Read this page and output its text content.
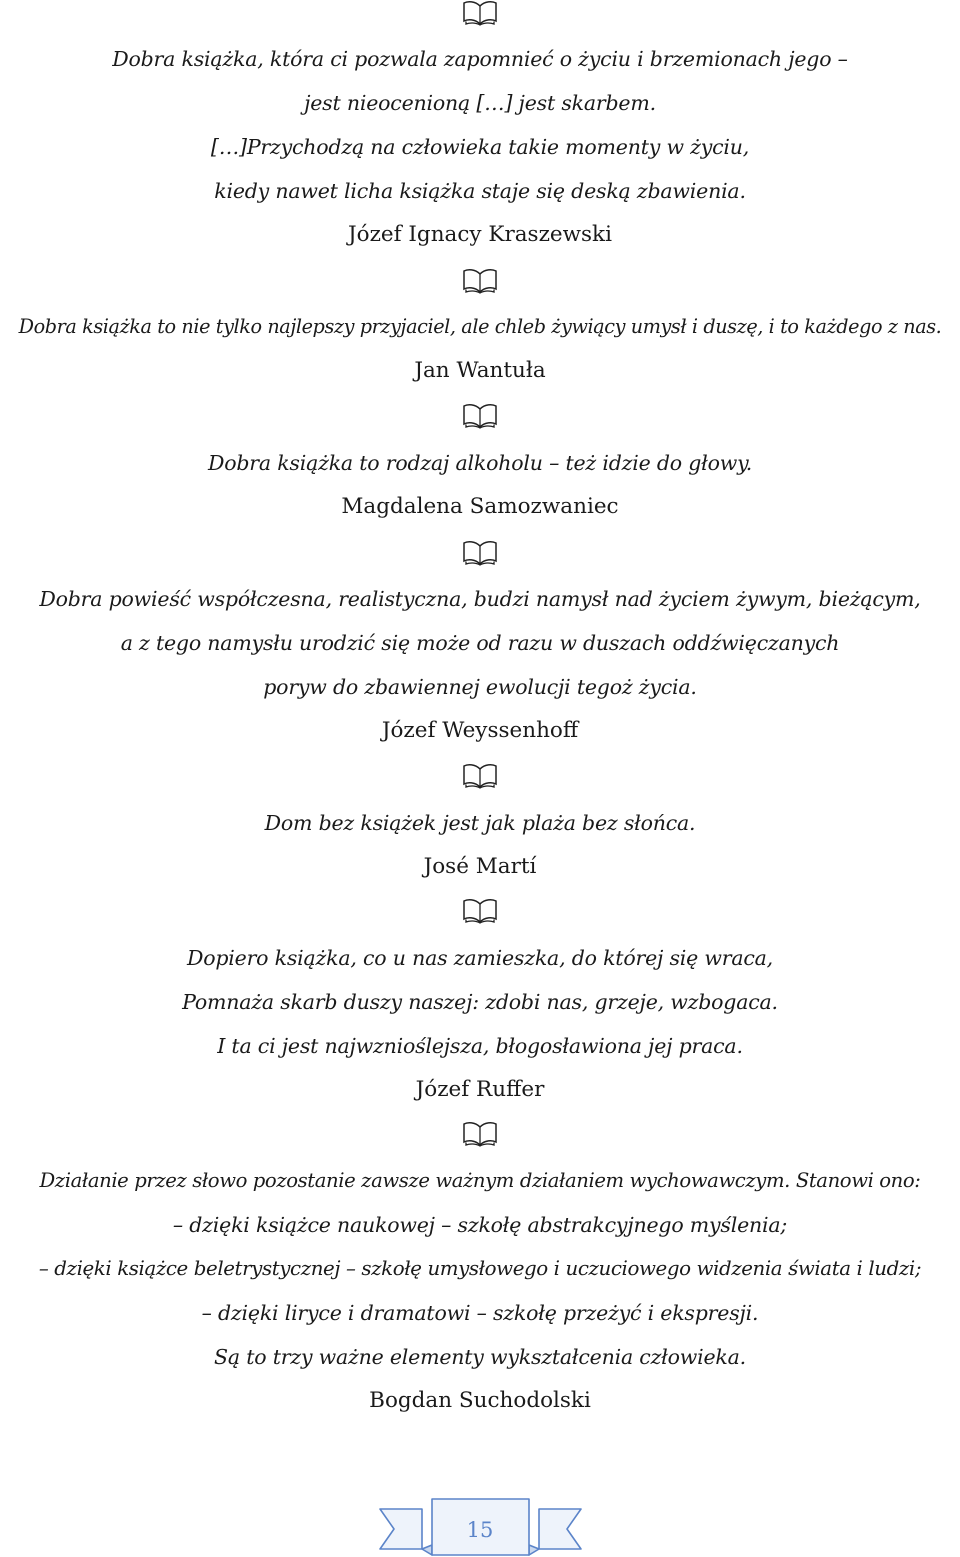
Dobra książka, która ci pozwala zapomnieć o życiu i brzemionach jego –
jest nieocenioną […] jest skarbem.
[…]Przychodzą na człowieka takie momenty w życiu,
kiedy nawet licha książka staje się deską zbawienia.
Józef Ignacy Kraszewski
Dobra książka to nie tylko najlepszy przyjaciel, ale chleb żywiący umysł i duszę, i to każdego z nas.
Jan Wantuła
Dobra książka to rodzaj alkoholu – też idzie do głowy.
Magdalena Samozwaniec
Dobra powieść współczesna, realistyczna, budzi namysł nad życiem żywym, bieżącym,
a z tego namysłu urodzić się może od razu w duszach oddźwięczanych
poryw do zbawiennej ewolucji tegoż życia.
Józef Weyssenhoff
Dom bez książek jest jak plaża bez słońca.
José Martí
Dopiero książka, co u nas zamieszka, do której się wraca,
Pomnaża skarb duszy naszej: zdobi nas, grzeje, wzbogaca.
I ta ci jest najwznioślejsza, błogosławiona jej praca.
Józef Ruffer
Działanie przez słowo pozostanie zawsze ważnym działaniem wychowawczym. Stanowi ono:
– dzięki książce naukowej – szkołę abstrakcyjnego myślenia;
– dzięki książce beletrystycznej – szkołę umysłowego i uczuciowego widzenia świata i ludzi;
– dzięki liryce i dramatowi – szkołę przeżyć i ekspresji.
Są to trzy ważne elementy wykształcenia człowieka.
Bogdan Suchodolski
15
